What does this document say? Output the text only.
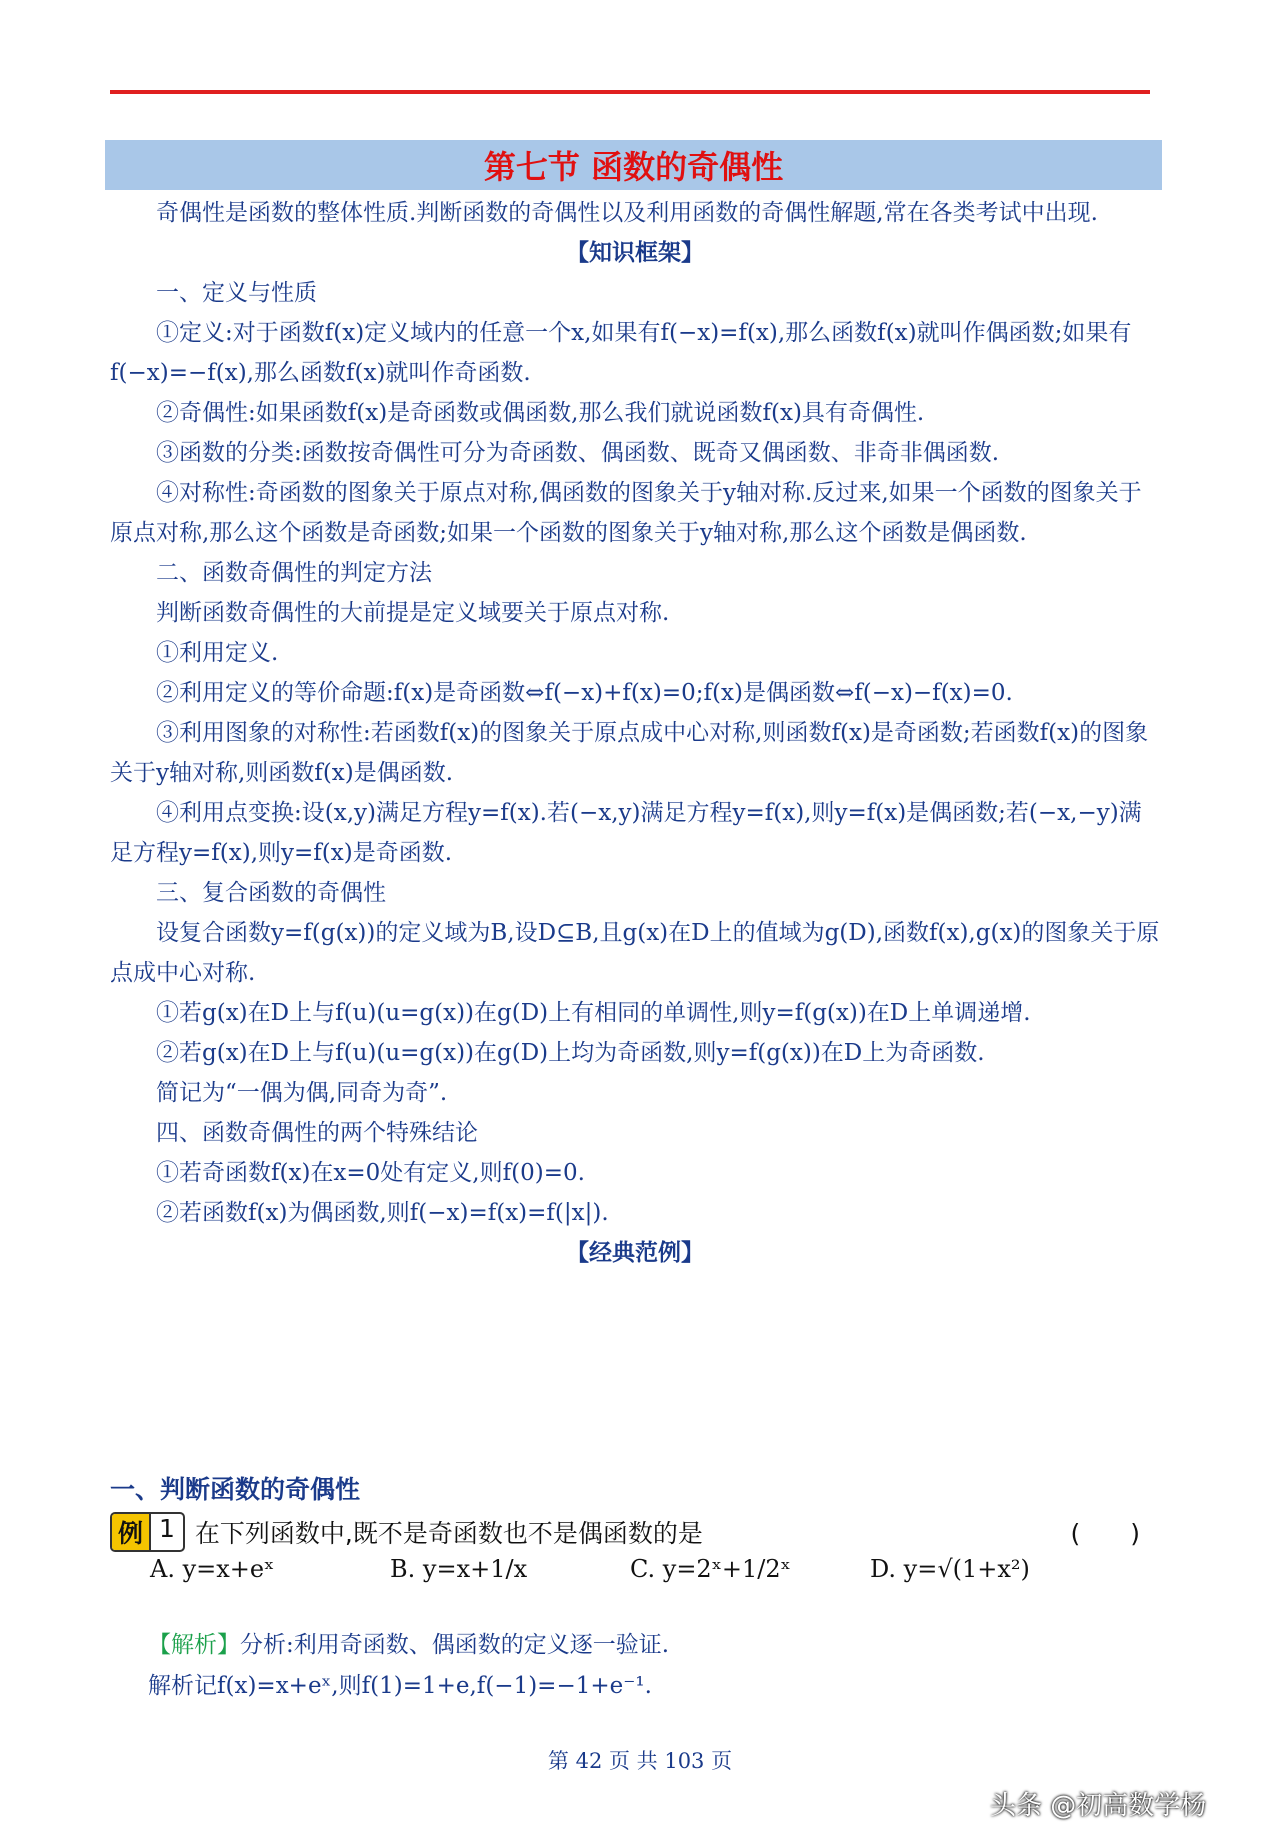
第七节 函数的奇偶性

奇偶性是函数的整体性质.判断函数的奇偶性以及利用函数的奇偶性解题,常在各类考试中出现.

【知识框架】

一、定义与性质

①定义:对于函数f(x)定义域内的任意一个x,如果有f(−x)=f(x),那么函数f(x)就叫作偶函数;如果有f(−x)=−f(x),那么函数f(x)就叫作奇函数.

②奇偶性:如果函数f(x)是奇函数或偶函数,那么我们就说函数f(x)具有奇偶性.

③函数的分类:函数按奇偶性可分为奇函数、偶函数、既奇又偶函数、非奇非偶函数.

④对称性:奇函数的图象关于原点对称,偶函数的图象关于y轴对称.反过来,如果一个函数的图象关于原点对称,那么这个函数是奇函数;如果一个函数的图象关于y轴对称,那么这个函数是偶函数.

二、函数奇偶性的判定方法

判断函数奇偶性的大前提是定义域要关于原点对称.

①利用定义.

②利用定义的等价命题:f(x)是奇函数⇔f(−x)+f(x)=0;f(x)是偶函数⇔f(−x)−f(x)=0.

③利用图象的对称性:若函数f(x)的图象关于原点成中心对称,则函数f(x)是奇函数;若函数f(x)的图象关于y轴对称,则函数f(x)是偶函数.

④利用点变换:设(x,y)满足方程y=f(x).若(−x,y)满足方程y=f(x),则y=f(x)是偶函数;若(−x,−y)满足方程y=f(x),则y=f(x)是奇函数.

三、复合函数的奇偶性

设复合函数y=f(g(x))的定义域为B,设D⊆B,且g(x)在D上的值域为g(D),函数f(x),g(x)的图象关于原点成中心对称.

①若g(x)在D上与f(u)(u=g(x))在g(D)上有相同的单调性,则y=f(g(x))在D上单调递增.

②若g(x)在D上与f(u)(u=g(x))在g(D)上均为奇函数,则y=f(g(x))在D上为奇函数.

简记为“一偶为偶,同奇为奇”.

四、函数奇偶性的两个特殊结论

①若奇函数f(x)在x=0处有定义,则f(0)=0.

②若函数f(x)为偶函数,则f(−x)=f(x)=f(|x|).

【经典范例】

一、判断函数的奇偶性
例 1 在下列函数中,既不是奇函数也不是偶函数的是	(　　)
A. y=x+eˣ	B. y=x+1/x	C. y=2ˣ+1/2ˣ	D. y=√(1+x²)
【解析】分析:利用奇函数、偶函数的定义逐一验证.
解析记f(x)=x+eˣ,则f(1)=1+e,f(−1)=−1+e⁻¹.
第 42 页 共 103 页
头条 @初高数学杨
